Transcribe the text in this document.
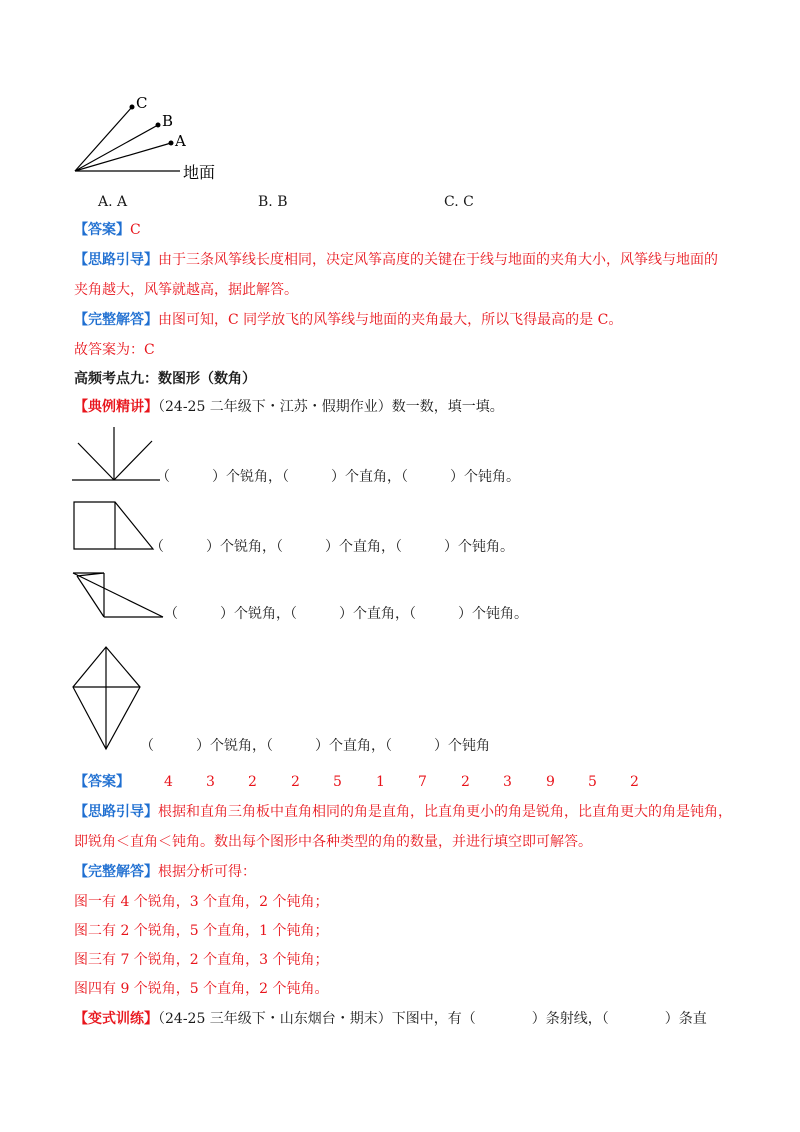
C
B
A
地面
A. A	B. B	C. C
【答案】C
【思路引导】由于三条风筝线长度相同，决定风筝高度的关键在于线与地面的夹角大小，风筝线与地面的
夹角越大，风筝就越高，据此解答。
【完整解答】由图可知，C 同学放飞的风筝线与地面的夹角最大，所以飞得最高的是 C。
故答案为：C
高频考点九：数图形（数角）
【典例精讲】（24-25 二年级下・江苏・假期作业）数一数，填一填。
（　　　）个锐角，（　　　）个直角，（　　　）个钝角。
（　　　）个锐角，（　　　）个直角，（　　　）个钝角。
（　　　）个锐角，（　　　）个直角，（　　　）个钝角。
（　　　）个锐角，（　　　）个直角，（　　　）个钝角
【答案】 4 3 2 2 5 1 7 2 3 9 5 2
【思路引导】根据和直角三角板中直角相同的角是直角，比直角更小的角是锐角，比直角更大的角是钝角，
即锐角＜直角＜钝角。数出每个图形中各种类型的角的数量，并进行填空即可解答。
【完整解答】根据分析可得：
图一有 4 个锐角，3 个直角，2 个钝角；
图二有 2 个锐角，5 个直角，1 个钝角；
图三有 7 个锐角，2 个直角，3 个钝角；
图四有 9 个锐角，5 个直角，2 个钝角。
【变式训练】（24-25 三年级下・山东烟台・期末）下图中，有（　　　　）条射线，（　　　　）条直
